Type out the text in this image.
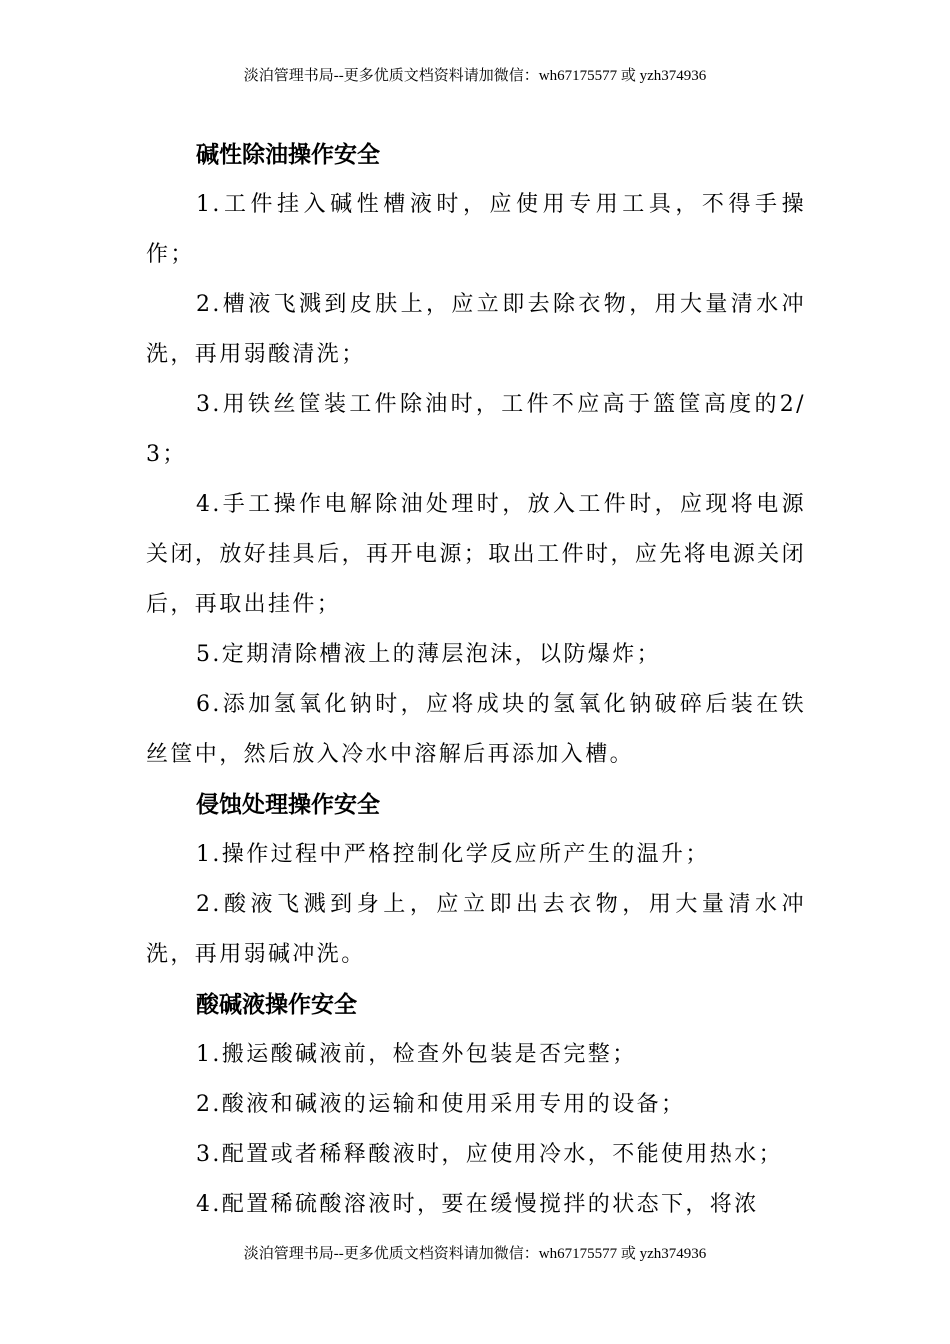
淡泊管理书局--更多优质文档资料请加微信：wh67175577 或 yzh374936
碱性除油操作安全

1.工件挂入碱性槽液时，应使用专用工具，不得手操作；

2.槽液飞溅到皮肤上，应立即去除衣物，用大量清水冲洗，再用弱酸清洗；

3.用铁丝筐装工件除油时，工件不应高于篮筐高度的2/3；

4.手工操作电解除油处理时，放入工件时，应现将电源关闭，放好挂具后，再开电源；取出工件时，应先将电源关闭后，再取出挂件；

5.定期清除槽液上的薄层泡沫，以防爆炸；

6.添加氢氧化钠时，应将成块的氢氧化钠破碎后装在铁丝筐中，然后放入冷水中溶解后再添加入槽。

侵蚀处理操作安全

1.操作过程中严格控制化学反应所产生的温升；

2.酸液飞溅到身上，应立即出去衣物，用大量清水冲洗，再用弱碱冲洗。

酸碱液操作安全

1.搬运酸碱液前，检查外包装是否完整；

2.酸液和碱液的运输和使用采用专用的设备；

3.配置或者稀释酸液时，应使用冷水，不能使用热水；

4.配置稀硫酸溶液时，要在缓慢搅拌的状态下，将浓

淡泊管理书局--更多优质文档资料请加微信：wh67175577 或 yzh374936
